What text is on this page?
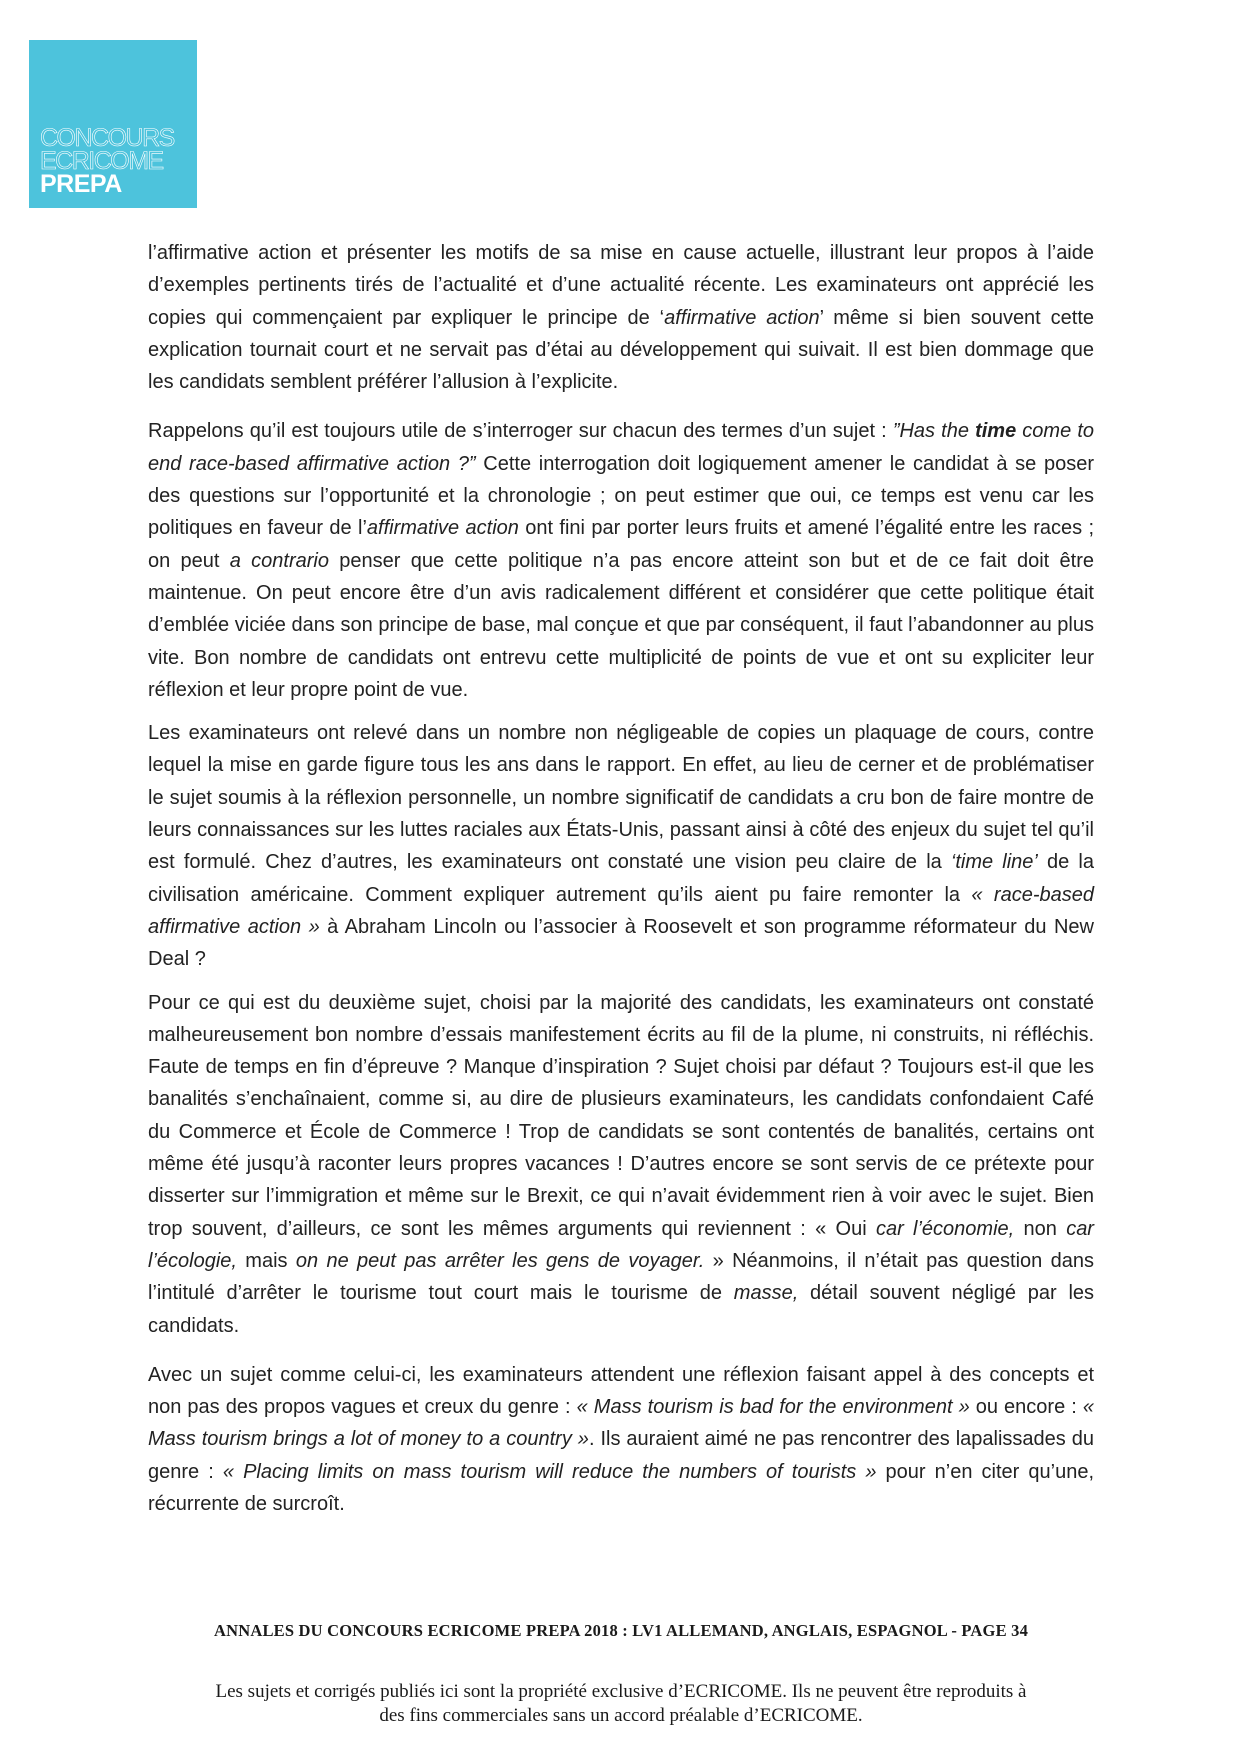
CONCOURS
ECRICOME
PREPA

l’affirmative action et présenter les motifs de sa mise en cause actuelle, illustrant leur propos à l’aide d’exemples pertinents tirés de l’actualité et d’une actualité récente. Les examinateurs ont apprécié les copies qui commençaient par expliquer le principe de ‘affirmative action’ même si bien souvent cette explication tournait court et ne servait pas d’étai au développement qui suivait. Il est bien dommage que les candidats semblent préférer l’allusion à l’explicite.

Rappelons qu’il est toujours utile de s’interroger sur chacun des termes d’un sujet : ”Has the time come to end race-based affirmative action ?” Cette interrogation doit logiquement amener le candidat à se poser des questions sur l’opportunité et la chronologie ; on peut estimer que oui, ce temps est venu car les politiques en faveur de l’affirmative action ont fini par porter leurs fruits et amené l’égalité entre les races ; on peut a contrario penser que cette politique n’a pas encore atteint son but et de ce fait doit être maintenue. On peut encore être d’un avis radicalement différent et considérer que cette politique était d’emblée viciée dans son principe de base, mal conçue et que par conséquent, il faut l’abandonner au plus vite. Bon nombre de candidats ont entrevu cette multiplicité de points de vue et ont su expliciter leur réflexion et leur propre point de vue.

Les examinateurs ont relevé dans un nombre non négligeable de copies un plaquage de cours, contre lequel la mise en garde figure tous les ans dans le rapport. En effet, au lieu de cerner et de problématiser le sujet soumis à la réflexion personnelle, un nombre significatif de candidats a cru bon de faire montre de leurs connaissances sur les luttes raciales aux États-Unis, passant ainsi à côté des enjeux du sujet tel qu’il est formulé. Chez d’autres, les examinateurs ont constaté une vision peu claire de la ‘time line’ de la civilisation américaine. Comment expliquer autrement qu’ils aient pu faire remonter la « race-based affirmative action » à Abraham Lincoln ou l’associer à Roosevelt et son programme réformateur du New Deal ?

Pour ce qui est du deuxième sujet, choisi par la majorité des candidats, les examinateurs ont constaté malheureusement bon nombre d’essais manifestement écrits au fil de la plume, ni construits, ni réfléchis. Faute de temps en fin d’épreuve ? Manque d’inspiration ? Sujet choisi par défaut ? Toujours est-il que les banalités s’enchaînaient, comme si, au dire de plusieurs examinateurs, les candidats confondaient Café du Commerce et École de Commerce ! Trop de candidats se sont contentés de banalités, certains ont même été jusqu’à raconter leurs propres vacances ! D’autres encore se sont servis de ce prétexte pour disserter sur l’immigration et même sur le Brexit, ce qui n’avait évidemment rien à voir avec le sujet. Bien trop souvent, d’ailleurs, ce sont les mêmes arguments qui reviennent : « Oui car l’économie, non car l’écologie, mais on ne peut pas arrêter les gens de voyager. » Néanmoins, il n’était pas question dans l’intitulé d’arrêter le tourisme tout court mais le tourisme de masse, détail souvent négligé par les candidats.

Avec un sujet comme celui-ci, les examinateurs attendent une réflexion faisant appel à des concepts et non pas des propos vagues et creux du genre : « Mass tourism is bad for the environment » ou encore : « Mass tourism brings a lot of money to a country ». Ils auraient aimé ne pas rencontrer des lapalissades du genre : « Placing limits on mass tourism will reduce the numbers of tourists » pour n’en citer qu’une, récurrente de surcroît.

ANNALES DU CONCOURS ECRICOME PREPA 2018 : LV1 ALLEMAND, ANGLAIS, ESPAGNOL - PAGE 34
Les sujets et corrigés publiés ici sont la propriété exclusive d’ECRICOME. Ils ne peuvent être reproduits à
des fins commerciales sans un accord préalable d’ECRICOME.
